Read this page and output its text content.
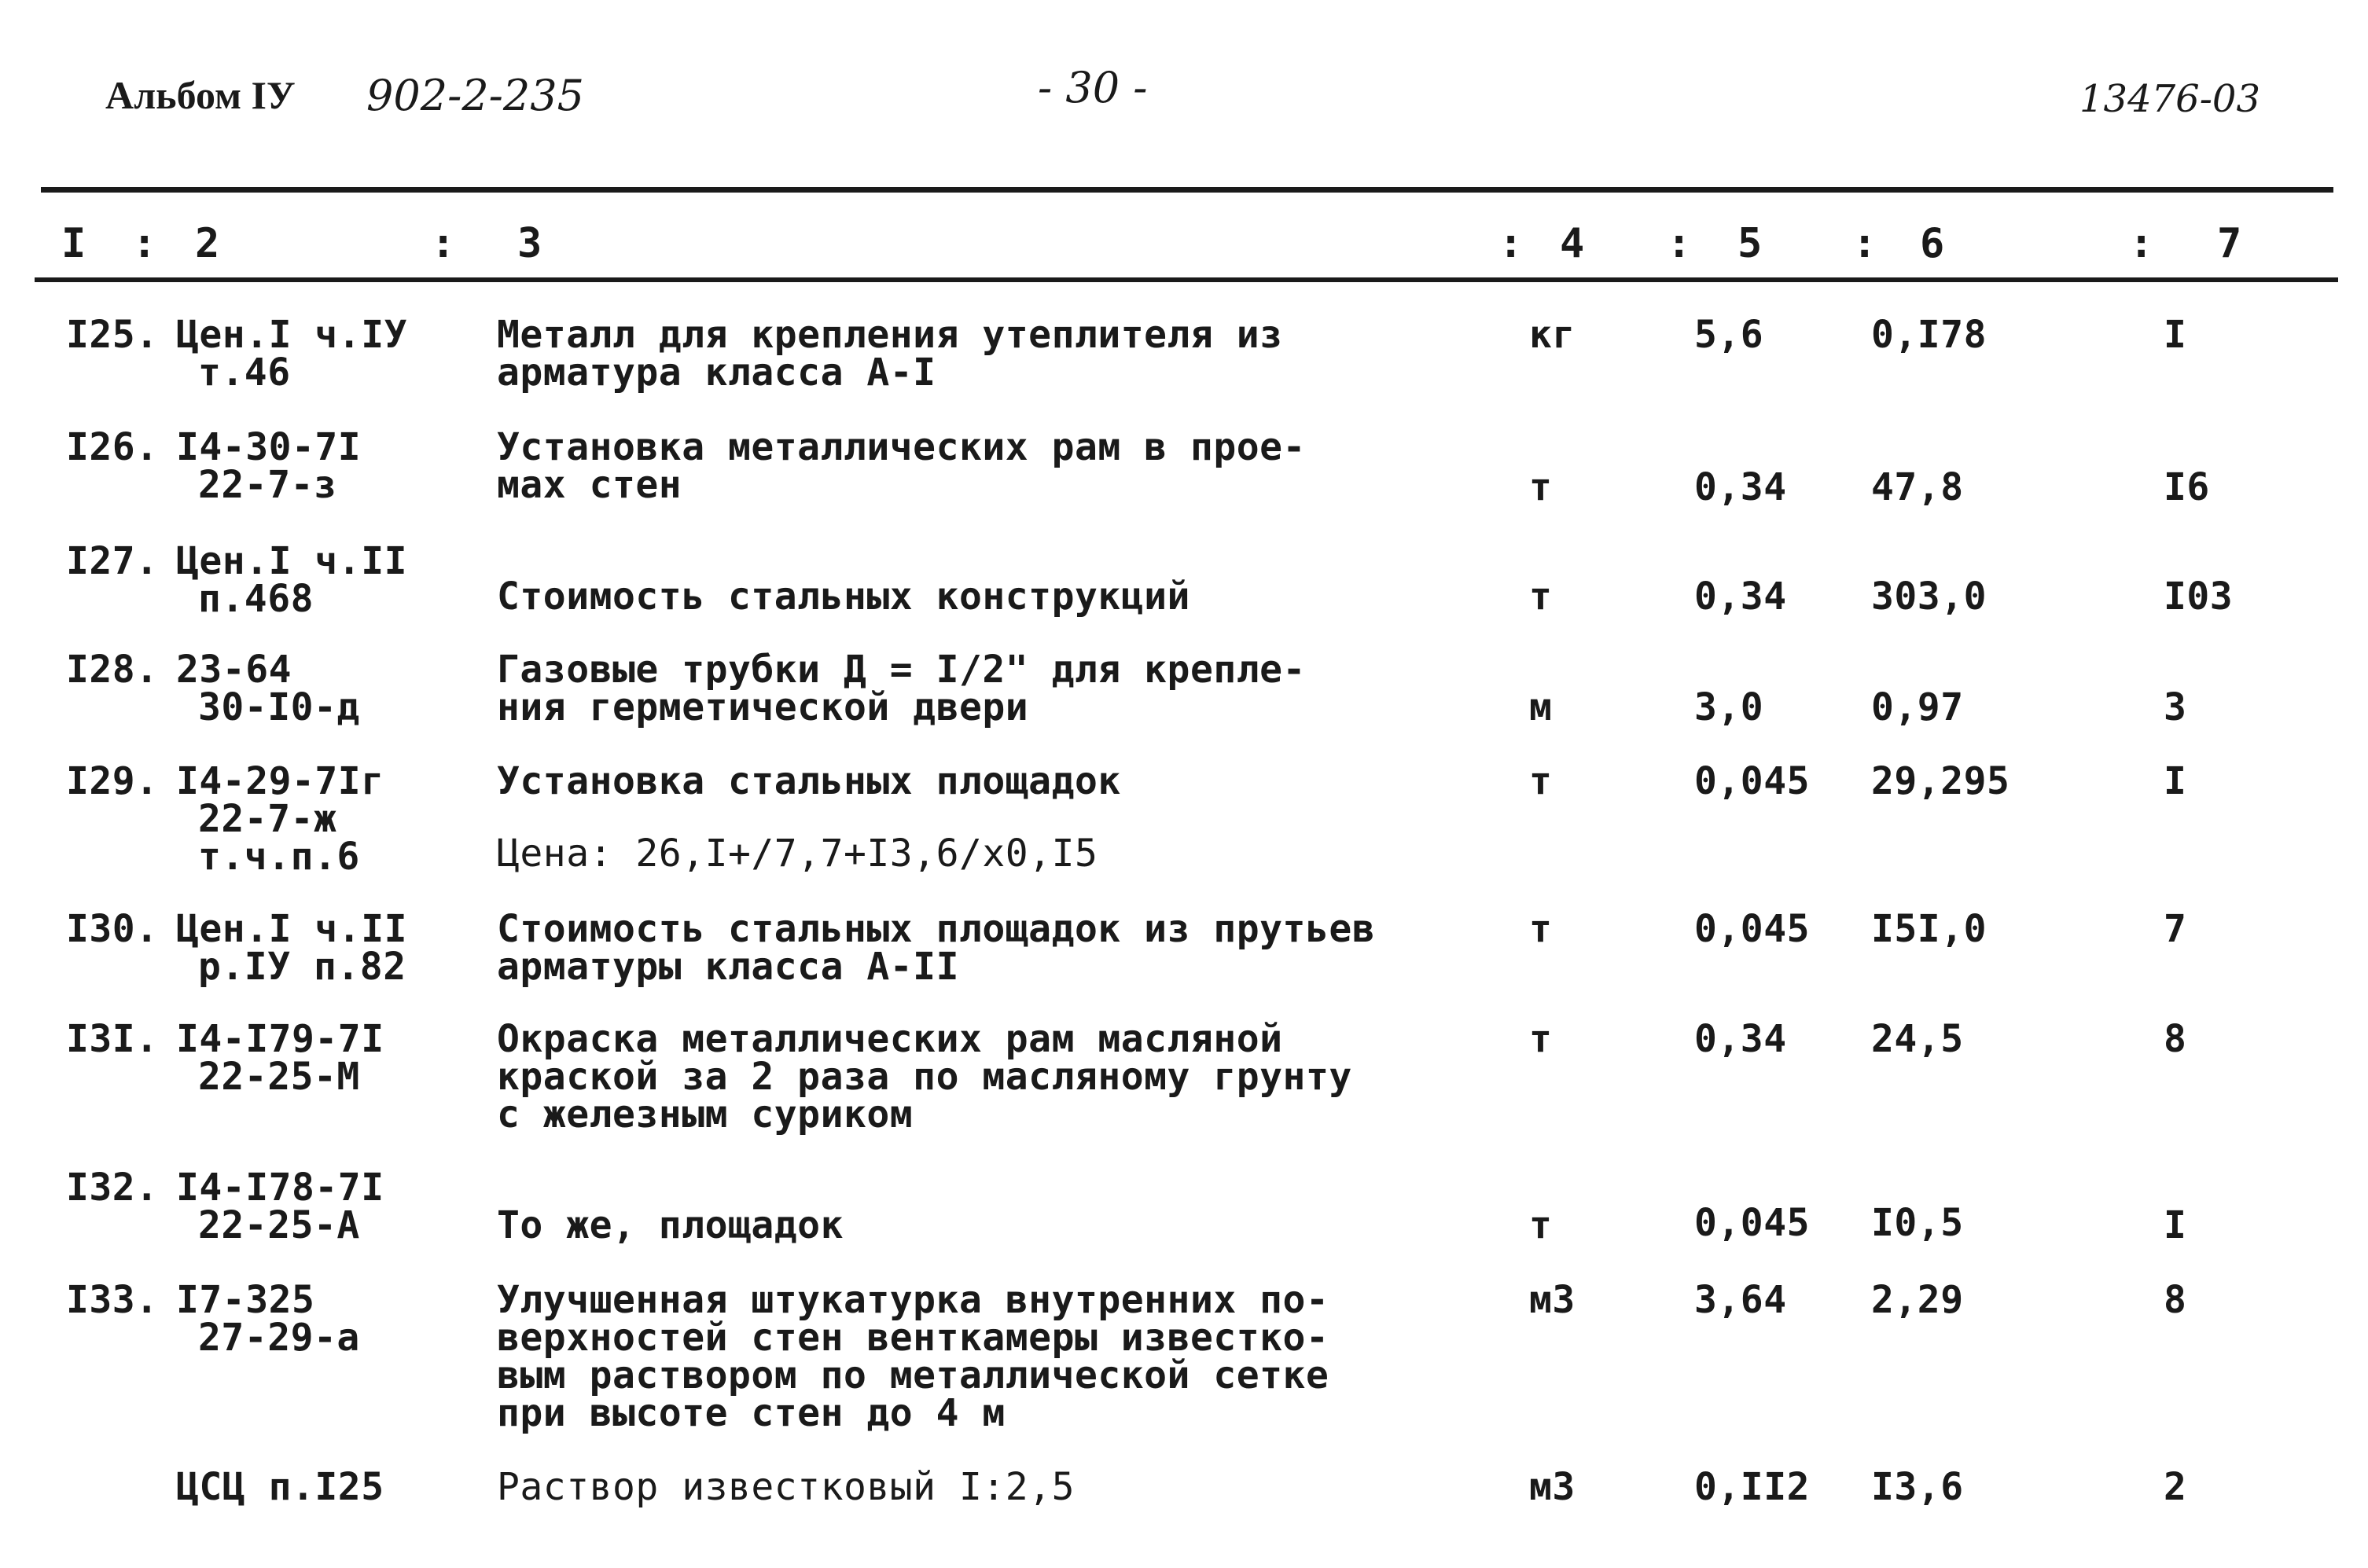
Альбом IУ 902-2-235	- 30 -	13476-03
I : 2	: 3	: 4 : 5 : 6	: 7
I25. Цен.I ч.IУ
т.46
Металл для крепления утеплителя из
арматура класса А-I
кг	5,6	0,I78	I
I26. I4-30-7I
22-7-з
Установка металлических рам в прое-
мах стен	т	0,34 47,8	I6
I27. Цен.I ч.II
п.468	Стоимость стальных конструкций	т	0,34 303,0	I03
I28. 23-64
30-I0-д
Газовые трубки Д = I/2" для крепле-
ния герметической двери	м	3,0	0,97	3
I29. I4-29-7Iг
22-7-ж
т.ч.п.6
Установка стальных площадок
Цена: 26,I+/7,7+I3,6/х0,I5
т	0,045 29,295	I
I30. Цен.I ч.II
р.IУ п.82
Стоимость стальных площадок из прутьев
арматуры класса А-II
т	0,045 I5I,0	7
I3I. I4-I79-7I
22-25-М
Окраска металлических рам масляной
краской за 2 раза по масляному грунту
с железным суриком
т	0,34 24,5	8
I32. I4-I78-7I
22-25-А	То же, площадок	т	0,045 I0,5	I
I33. I7-325
27-29-а
Улучшенная штукатурка внутренних по-
верхностей стен венткамеры известко-
вым раствором по металлической сетке
при высоте стен до 4 м
м3	3,64 2,29	8
ЦСЦ п.I25	Раствор известковый I:2,5	м3	0,II2 I3,6	2
